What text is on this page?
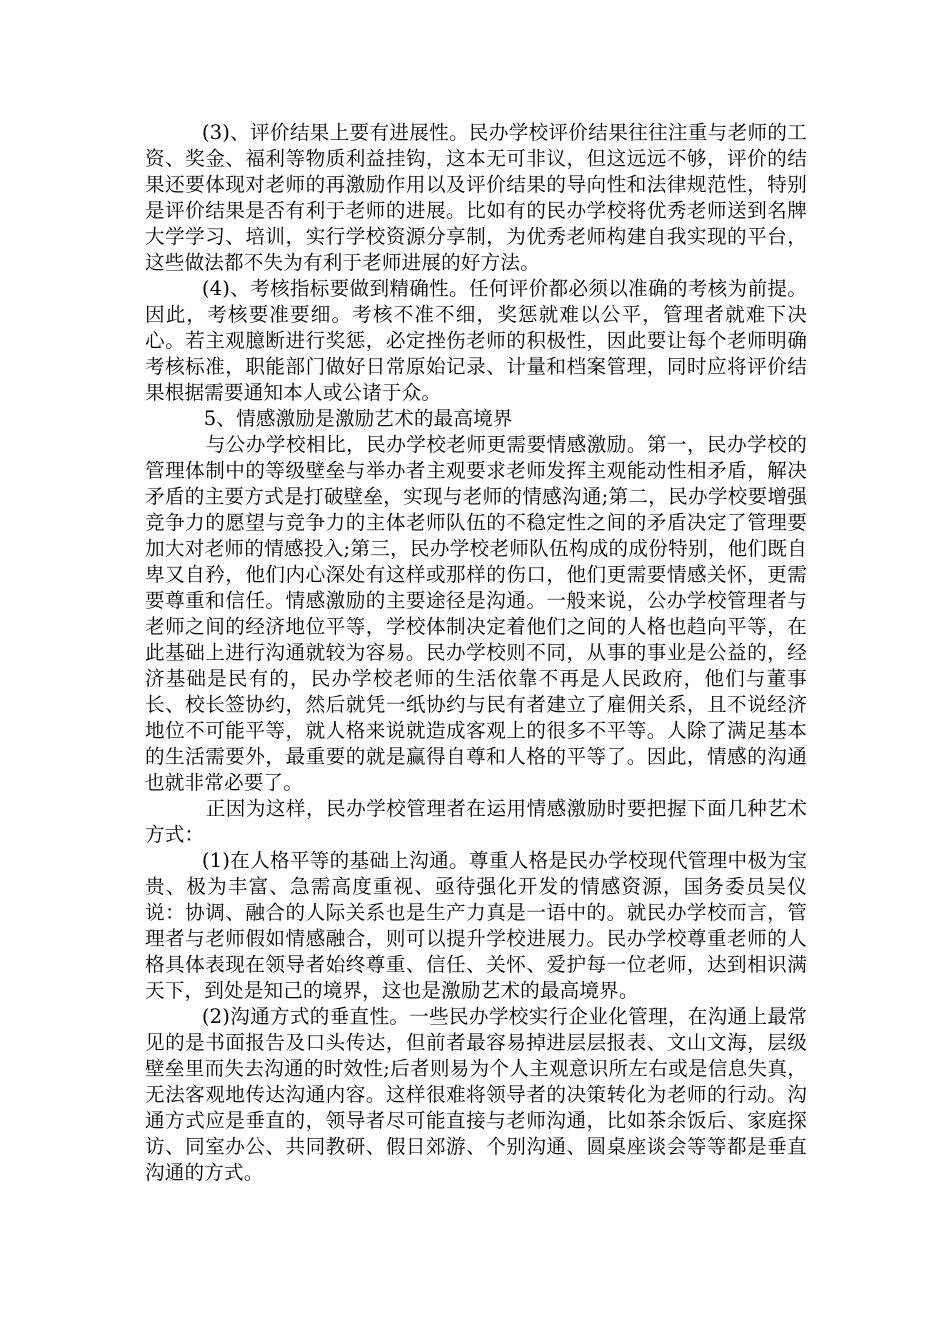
(3)、评价结果上要有进展性。民办学校评价结果往往注重与老师的工资、奖金、福利等物质利益挂钩，这本无可非议，但这远远不够，评价的结果还要体现对老师的再激励作用以及评价结果的导向性和法律规范性，特别是评价结果是否有利于老师的进展。比如有的民办学校将优秀老师送到名牌大学学习、培训，实行学校资源分享制，为优秀老师构建自我实现的平台，这些做法都不失为有利于老师进展的好方法。

(4)、考核指标要做到精确性。任何评价都必须以准确的考核为前提。因此，考核要准要细。考核不准不细，奖惩就难以公平，管理者就难下决心。若主观臆断进行奖惩，必定挫伤老师的积极性，因此要让每个老师明确考核标准，职能部门做好日常原始记录、计量和档案管理，同时应将评价结果根据需要通知本人或公诸于众。

5、情感激励是激励艺术的最高境界

与公办学校相比，民办学校老师更需要情感激励。第一，民办学校的管理体制中的等级壁垒与举办者主观要求老师发挥主观能动性相矛盾，解决矛盾的主要方式是打破壁垒，实现与老师的情感沟通;第二，民办学校要增强竞争力的愿望与竞争力的主体老师队伍的不稳定性之间的矛盾决定了管理要加大对老师的情感投入;第三，民办学校老师队伍构成的成份特别，他们既自卑又自矜，他们内心深处有这样或那样的伤口，他们更需要情感关怀，更需要尊重和信任。情感激励的主要途径是沟通。一般来说，公办学校管理者与老师之间的经济地位平等，学校体制决定着他们之间的人格也趋向平等，在此基础上进行沟通就较为容易。民办学校则不同，从事的事业是公益的，经济基础是民有的，民办学校老师的生活依靠不再是人民政府，他们与董事长、校长签协约，然后就凭一纸协约与民有者建立了雇佣关系，且不说经济地位不可能平等，就人格来说就造成客观上的很多不平等。人除了满足基本的生活需要外，最重要的就是赢得自尊和人格的平等了。因此，情感的沟通也就非常必要了。

正因为这样，民办学校管理者在运用情感激励时要把握下面几种艺术方式：

(1)在人格平等的基础上沟通。尊重人格是民办学校现代管理中极为宝贵、极为丰富、急需高度重视、亟待强化开发的情感资源，国务委员吴仪说：协调、融合的人际关系也是生产力真是一语中的。就民办学校而言，管理者与老师假如情感融合，则可以提升学校进展力。民办学校尊重老师的人格具体表现在领导者始终尊重、信任、关怀、爱护每一位老师，达到相识满天下，到处是知己的境界，这也是激励艺术的最高境界。

(2)沟通方式的垂直性。一些民办学校实行企业化管理，在沟通上最常见的是书面报告及口头传达，但前者最容易掉进层层报表、文山文海，层级壁垒里而失去沟通的时效性;后者则易为个人主观意识所左右或是信息失真，无法客观地传达沟通内容。这样很难将领导者的决策转化为老师的行动。沟通方式应是垂直的，领导者尽可能直接与老师沟通，比如茶余饭后、家庭探访、同室办公、共同教研、假日郊游、个别沟通、圆桌座谈会等等都是垂直沟通的方式。
